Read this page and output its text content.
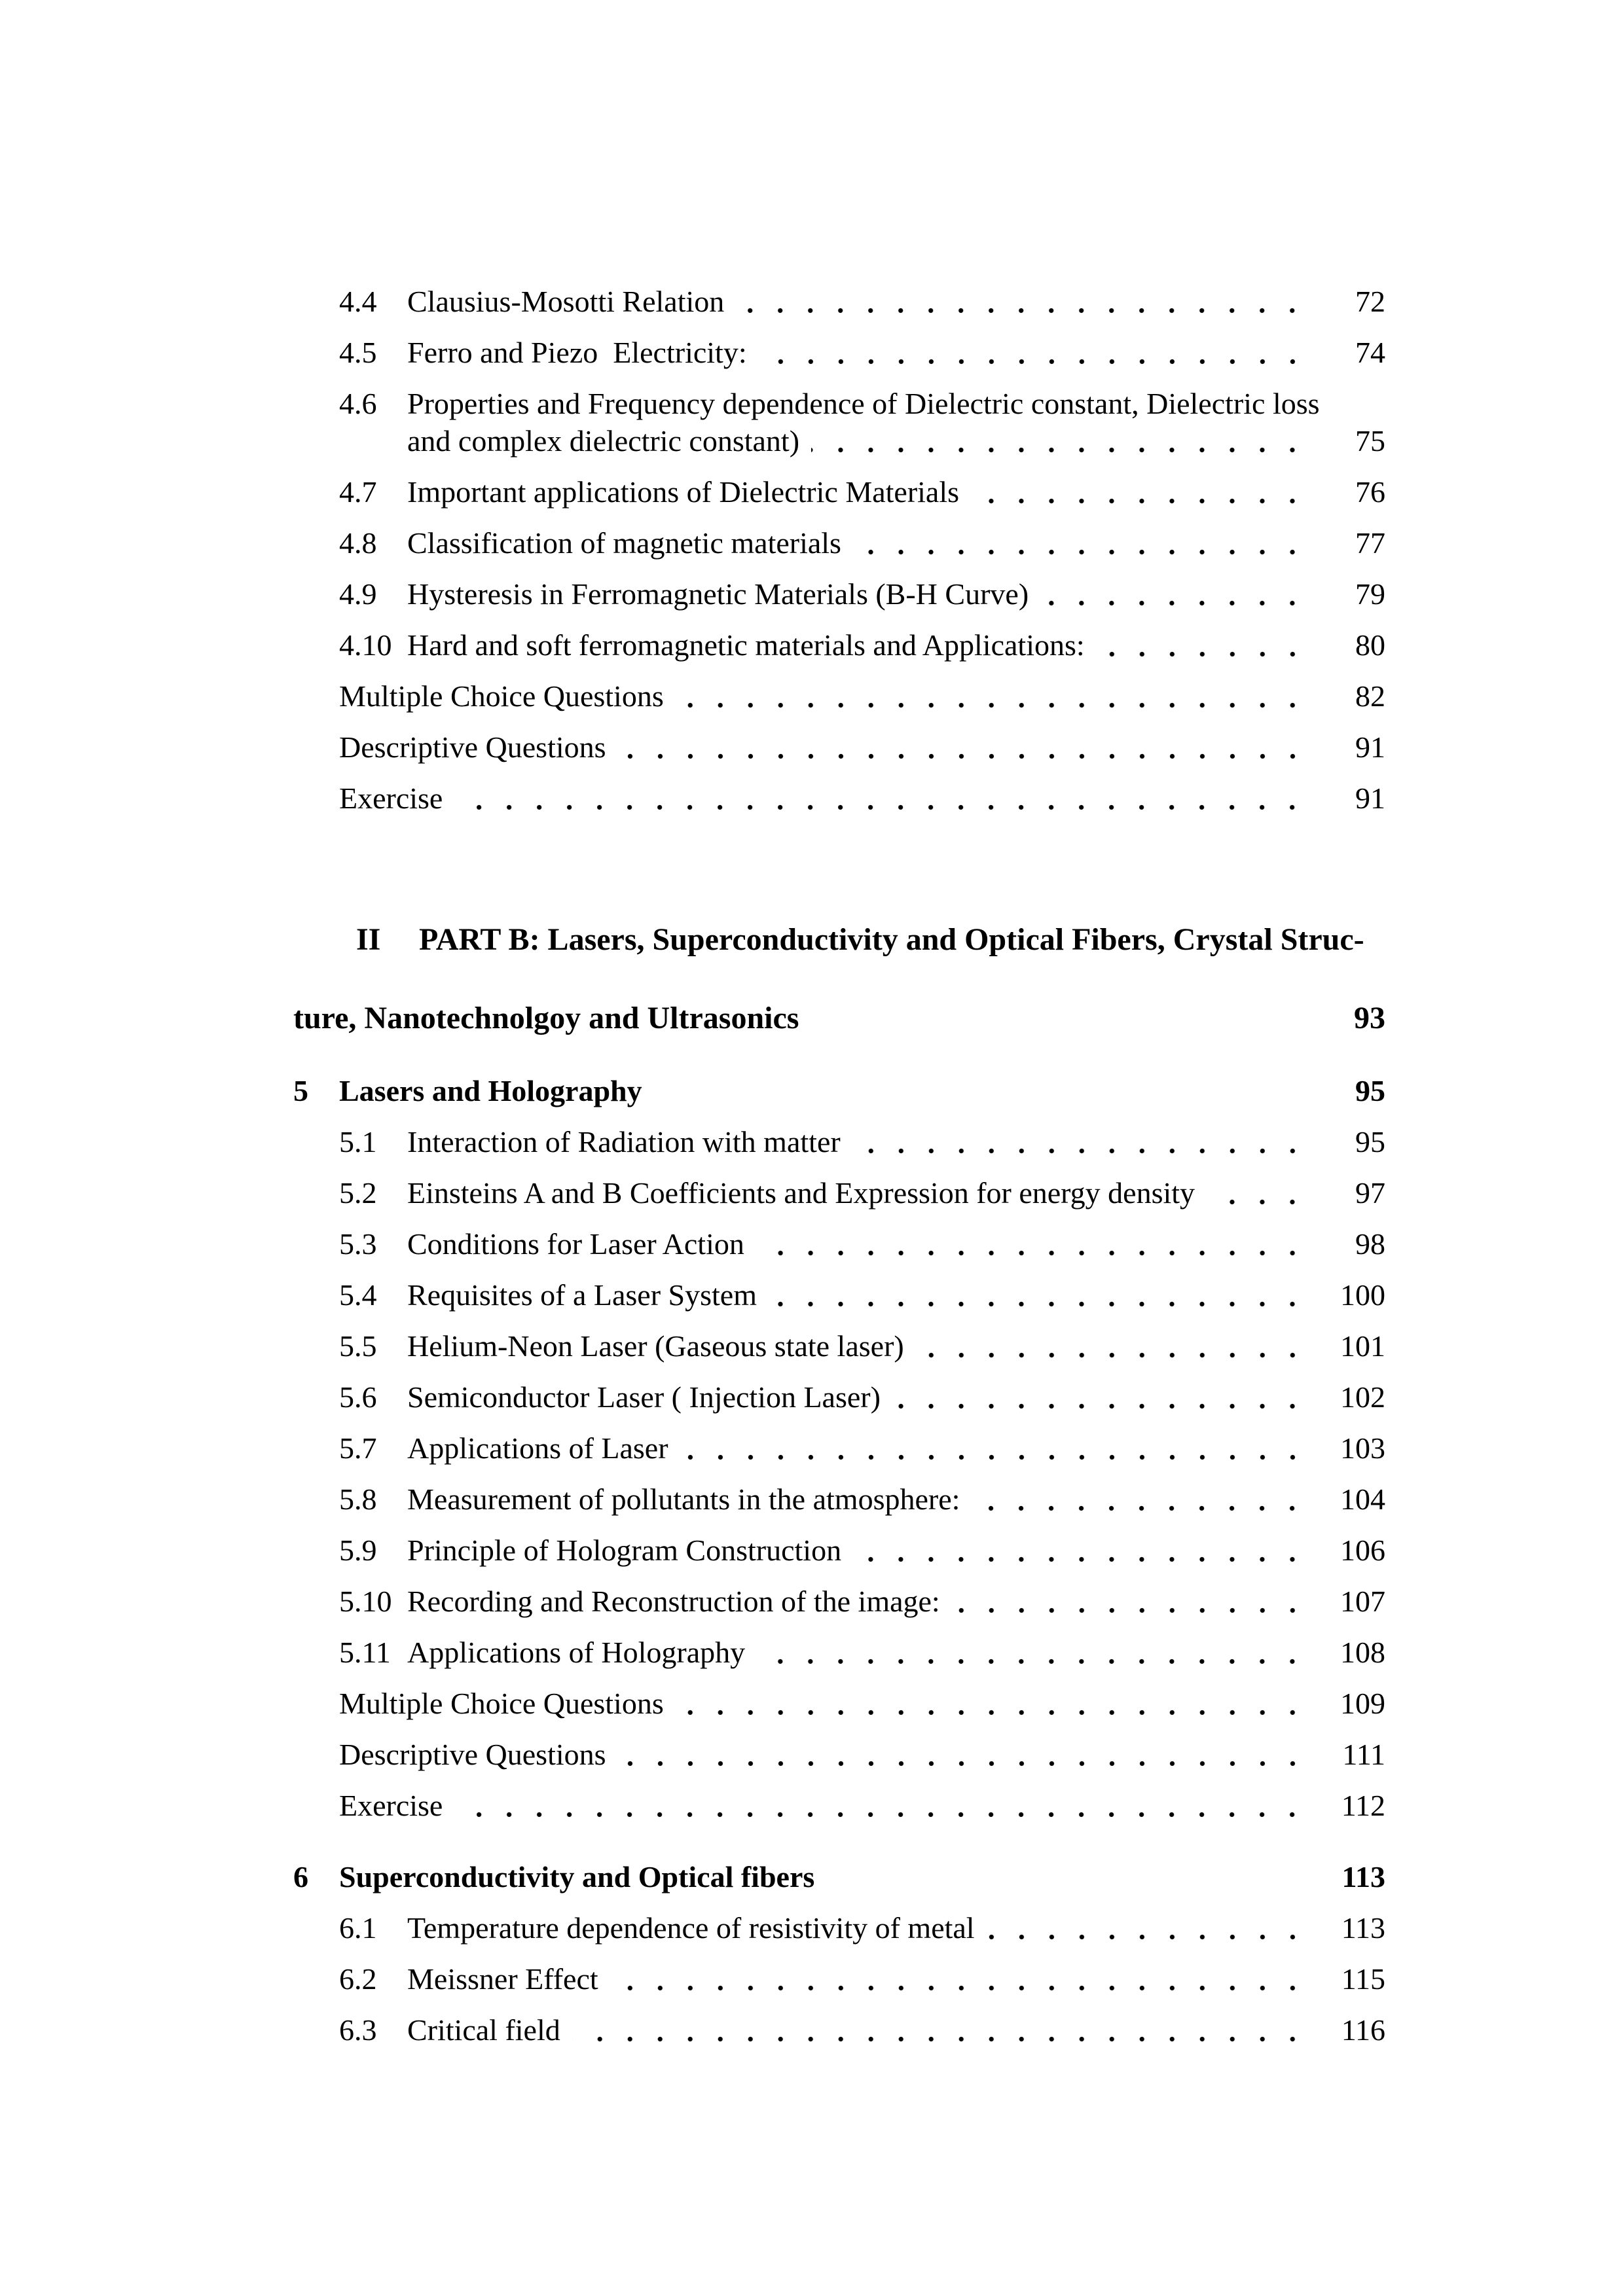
4.4	Clausius-Mosotti Relation	72
4.5	Ferro and Piezo  Electricity:	74
4.6	Properties and Frequency dependence of Dielectric constant, Dielectric loss
and complex dielectric constant)	75
4.7	Important applications of Dielectric Materials	76
4.8	Classification of magnetic materials	77
4.9	Hysteresis in Ferromagnetic Materials (B-H Curve)	79
4.10 Hard and soft ferromagnetic materials and Applications:	80
Multiple Choice Questions	82
Descriptive Questions	91
Exercise	91

II PART B: Lasers, Superconductivity and Optical Fibers, Crystal Struc-

ture, Nanotechnolgoy and Ultrasonics	93
5	Lasers and Holography	95
5.1	Interaction of Radiation with matter	95
5.2	Einsteins A and B Coefficients and Expression for energy density	97
5.3	Conditions for Laser Action	98
5.4	Requisites of a Laser System	100
5.5	Helium-Neon Laser (Gaseous state laser)	101
5.6	Semiconductor Laser ( Injection Laser)	102
5.7	Applications of Laser	103
5.8	Measurement of pollutants in the atmosphere:	104
5.9	Principle of Hologram Construction	106
5.10 Recording and Reconstruction of the image:	107
5.11 Applications of Holography	108
Multiple Choice Questions	109
Descriptive Questions	111
Exercise	112
6	Superconductivity and Optical fibers	113
6.1	Temperature dependence of resistivity of metal	113
6.2	Meissner Effect	115
6.3	Critical field	116
